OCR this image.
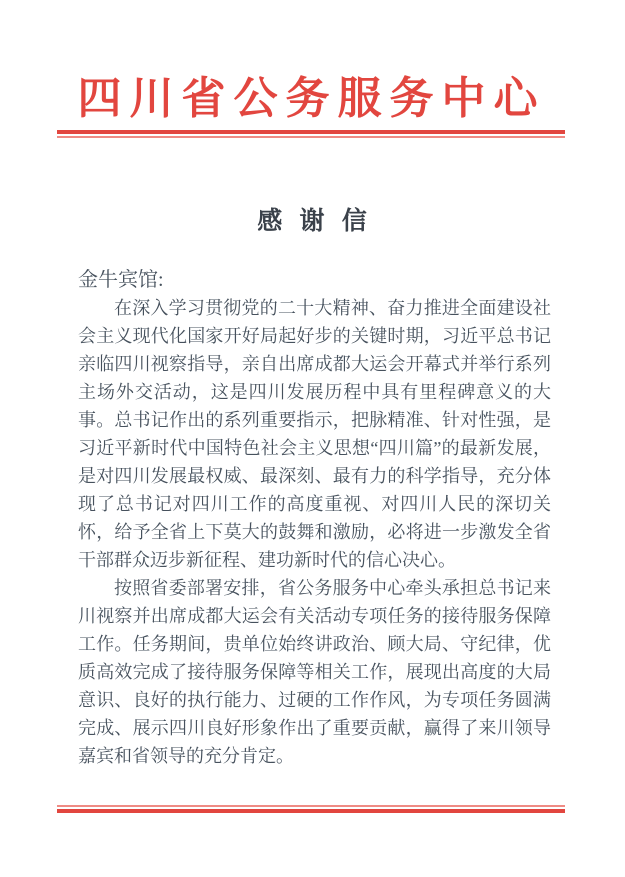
四川省公务服务中心
感 谢 信
金牛宾馆:

在深入学习贯彻党的二十大精神、奋力推进全面建设社会主义现代化国家开好局起好步的关键时期，习近平总书记亲临四川视察指导，亲自出席成都大运会开幕式并举行系列主场外交活动，这是四川发展历程中具有里程碑意义的大事。总书记作出的系列重要指示，把脉精准、针对性强，是习近平新时代中国特色社会主义思想“四川篇”的最新发展，是对四川发展最权威、最深刻、最有力的科学指导，充分体现了总书记对四川工作的高度重视、对四川人民的深切关怀，给予全省上下莫大的鼓舞和激励，必将进一步激发全省干部群众迈步新征程、建功新时代的信心决心。

按照省委部署安排，省公务服务中心牵头承担总书记来川视察并出席成都大运会有关活动专项任务的接待服务保障工作。任务期间，贵单位始终讲政治、顾大局、守纪律，优质高效完成了接待服务保障等相关工作，展现出高度的大局意识、良好的执行能力、过硬的工作作风，为专项任务圆满完成、展示四川良好形象作出了重要贡献，赢得了来川领导嘉宾和省领导的充分肯定。
